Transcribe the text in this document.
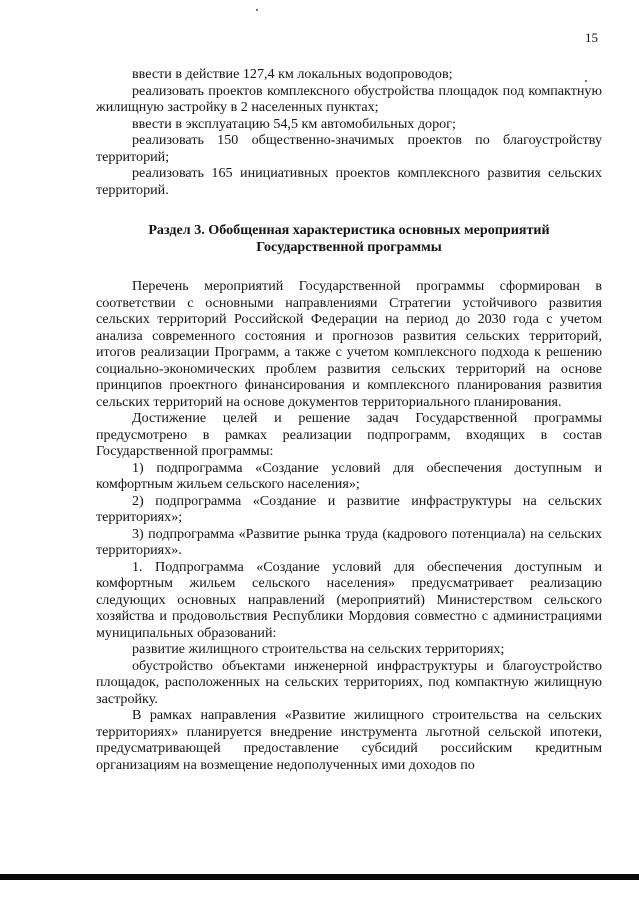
15

ввести в действие 127,4 км локальных водопроводов;

реализовать проектов комплексного обустройства площадок под компактную жилищную застройку в 2 населенных пунктах;

ввести в эксплуатацию 54,5 км автомобильных дорог;

реализовать 150 общественно-значимых проектов по благоустройству территорий;

реализовать 165 инициативных проектов комплексного развития сельских территорий.

Раздел 3. Обобщенная характеристика основных мероприятий Государственной программы

Перечень мероприятий Государственной программы сформирован в соответствии с основными направлениями Стратегии устойчивого развития сельских территорий Российской Федерации на период до 2030 года с учетом анализа современного состояния и прогнозов развития сельских территорий, итогов реализации Программ, а также с учетом комплексного подхода к решению социально-экономических проблем развития сельских территорий на основе принципов проектного финансирования и комплексного планирования развития сельских территорий на основе документов территориального планирования.

Достижение целей и решение задач Государственной программы предусмотрено в рамках реализации подпрограмм, входящих в состав Государственной программы:

1) подпрограмма «Создание условий для обеспечения доступным и комфортным жильем сельского населения»;

2) подпрограмма «Создание и развитие инфраструктуры на сельских территориях»;

3) подпрограмма «Развитие рынка труда (кадрового потенциала) на сельских территориях».

1. Подпрограмма «Создание условий для обеспечения доступным и комфортным жильем сельского населения» предусматривает реализацию следующих основных направлений (мероприятий) Министерством сельского хозяйства и продовольствия Республики Мордовия совместно с администрациями муниципальных образований:

развитие жилищного строительства на сельских территориях;

обустройство объектами инженерной инфраструктуры и благоустройство площадок, расположенных на сельских территориях, под компактную жилищную застройку.

В рамках направления «Развитие жилищного строительства на сельских территориях» планируется внедрение инструмента льготной сельской ипотеки, предусматривающей предоставление субсидий российским кредитным организациям на возмещение недополученных ими доходов по
